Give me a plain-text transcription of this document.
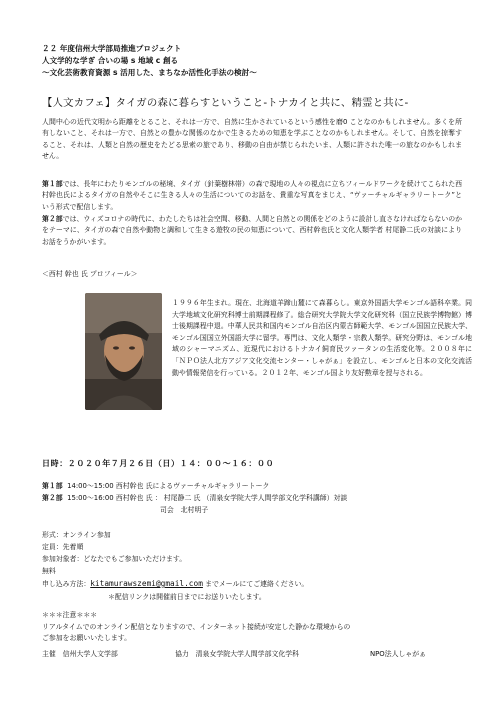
２２ 年度信州大学部局推進プロジェクト
人文学的な学ぎ 合いの場 s 地域 c 創る
～文化芸術教育資源 s 活用した、まちなか活性化手法の検討～
【人文カフェ】タイガの森に暮らすということ‐トナカイと共に、精霊と共に‐
人間中心の近代文明から距離をとること、それは一方で、自然に生かされているという感性を磨0 ことなのかもしれません。多くを所有しないこと、それは一方で、自然との豊かな関係のなかで生きるための知恵を学ぶことなのかもしれません。そして、自然を掠奪すること、それは、人類と自然の歴史をたどる思索の旅であり、移動の自由が禁じられたいま、人類に許された唯一の旅なのかもしれません。
第１部では、長年にわたりモンゴルの秘境、タイガ（針葉樹林帯）の森で現地の人々の視点に立ちフィールドワークを続けてこられた西村幹也氏によるタイガの自然やそこに生きる人々の生活についてのお話を、貴重な写真をまじえ、“ヴァーチャルギャラリートーク”という形式で配信します。
第２部では、ウィズコロナの時代に、わたしたちは社会空間、移動、人間と自然との関係をどのように設計し直さなければならないのかをテーマに、タイガの森で自然や動物と調和して生きる遊牧の民の知恵について、西村幹也氏と文化人類学者 村尾静二氏の対談によりお話をうかがいます。
＜西村 幹也 氏 プロフィール＞
１９９６年生まれ。現在、北海道羊蹄山麓にて森暮らし。東京外国語大学モンゴル語科卒業。同大学地域文化研究科博士前期課程修了。総合研究大学院大学文化研究科（国立民族学博物館）博士後期課程中退。中華人民共和国内モンゴル自治区内蒙古師範大学、モンゴル国国立民族大学、モンゴル国国立外国語大学に留学。専門は、文化人類学・宗教人類学。研究分野は、モンゴル地域のシャーマニズム、近現代におけるトナカイ飼育民ツァータンの生活変化等。２００８年に「ＮＰＯ法人北方アジア文化交流センター・しゃがぁ」を設立し、モンゴルと日本の文化交流活動や情報発信を行っている。２０１２年、モンゴル国より友好勲章を授与される。
日時：２０２０年７月２６日（日）１４：００～１６：００
第１部 14:00～15:00 西村幹也 氏によるヴァーチャルギャラリートーク
第２部 15:00～16:00 西村幹也 氏 ： 村尾静二 氏 （清泉女学院大学人間学部文化学科講師）対談
司会　北村明子
形式：オンライン参加
定員：先着順
参加対象者：どなたでもご参加いただけます。
無料
申し込み方法：kitamurawszemi@gmail.com までメールにてご連絡ください。
＊配信リンクは開催前日までにお送りいたします。
＊＊＊注意＊＊＊
リアルタイムでのオンライン配信となりますので、インターネット接続が安定した静かな環境からの
ご参加をお願いいたします。
主催　信州大学人文学部	協力　清泉女学院大学人間学部文化学科	NPO法人しゃがぁ
